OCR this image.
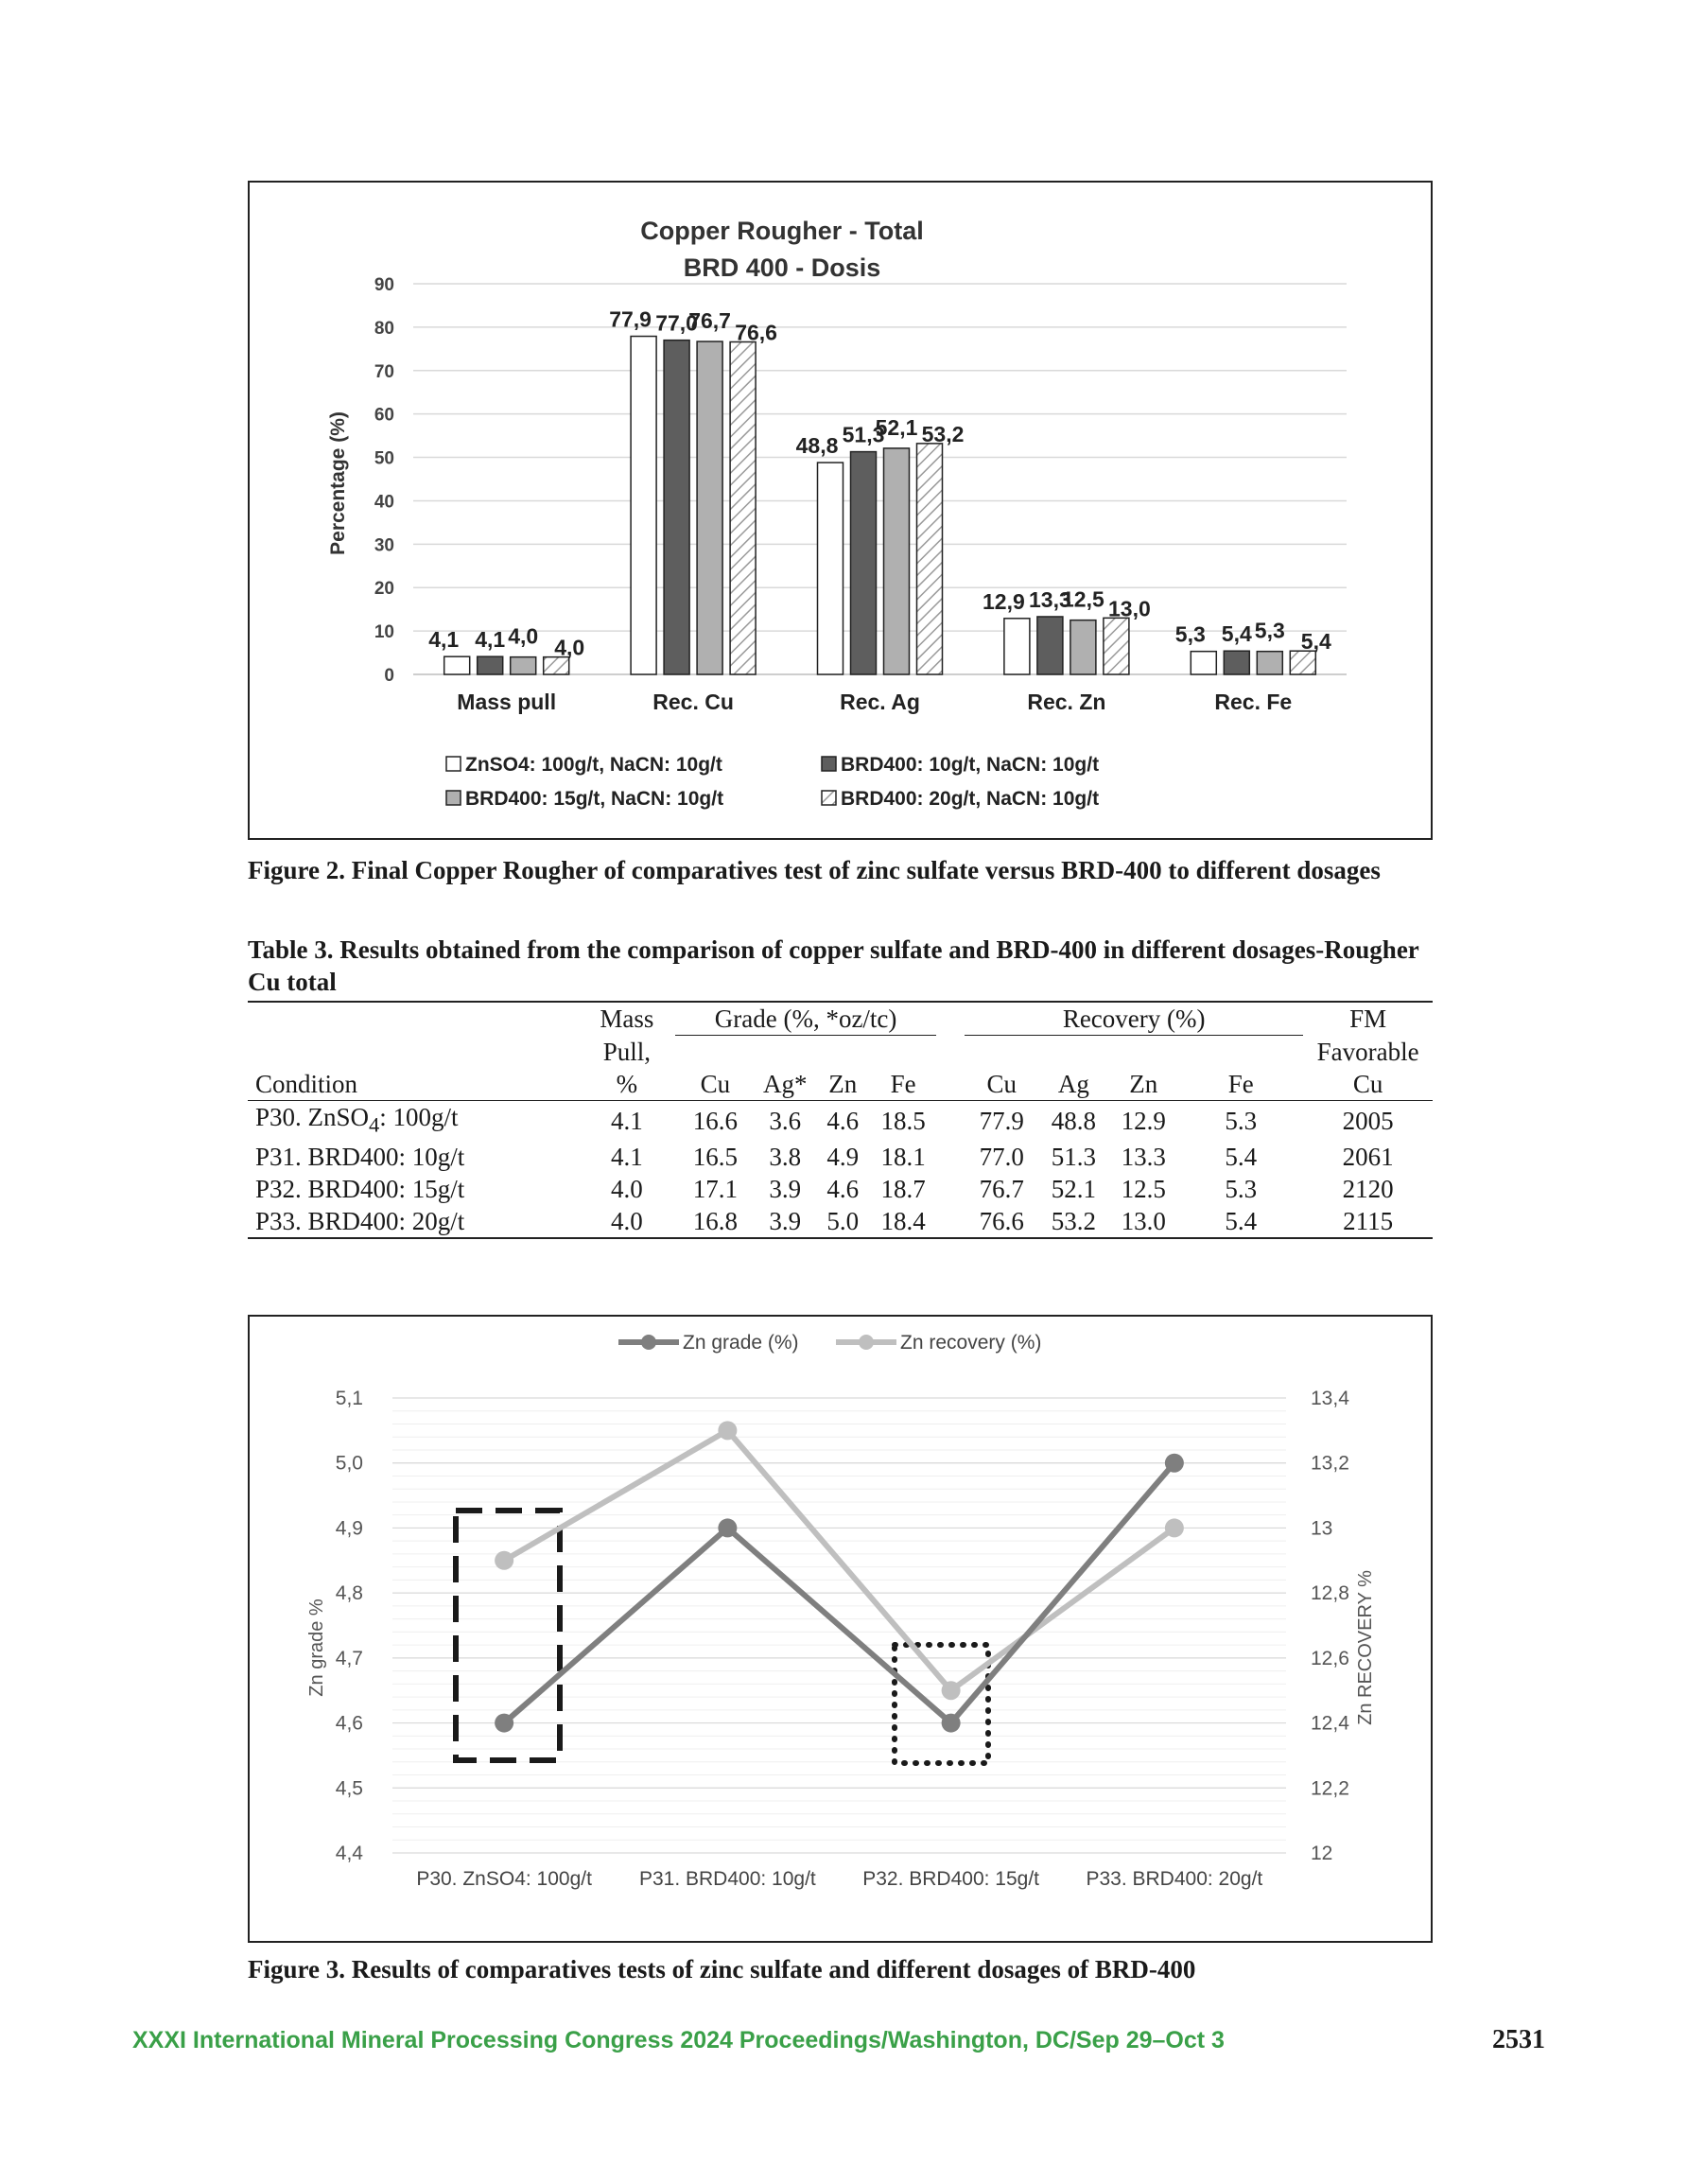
Copper Rougher - Total
BRD 400 - Dosis
Percentage (%)
0
10
20
30
40
50
60
70
80
90
Mass pull
4,1 4,1 4,0 4,0
Rec. Cu
77,9 77,0
76,7 76,6
Rec. Ag
48,8 51,3
52,1 53,2
Rec. Zn
12,9 13,3
12,5 13,0
Rec. Fe
5,3 5,4 5,3 5,4
ZnSO4: 100g/t, NaCN: 10g/t	BRD400: 10g/t, NaCN: 10g/t
BRD400: 15g/t, NaCN: 10g/t	BRD400: 20g/t, NaCN: 10g/t
Figure 2. Final Copper Rougher of comparatives test of zinc sulfate versus BRD-400 to different dosages
Table 3. Results obtained from the comparison of copper sulfate and BRD-400 in different dosages-Rougher Cu total
	Mass	Grade (%, *oz/tc)					Recovery (%)				FM
	Pull,										Favorable
Condition	%	Cu	Ag*	Zn	Fe		Cu	Ag	Zn	Fe	Cu
P30. ZnSO$_4$: 100g/t	4.1	16.6	3.6	4.6	18.5		77.9	48.8	12.9	5.3	2005
P31. BRD400: 10g/t	4.1	16.5	3.8	4.9	18.1		77.0	51.3	13.3	5.4	2061
P32. BRD400: 15g/t	4.0	17.1	3.9	4.6	18.7		76.7	52.1	12.5	5.3	2120
P33. BRD400: 20g/t	4.0	16.8	3.9	5.0	18.4		76.6	53.2	13.0	5.4	2115
Zn grade %	Zn RECOVERY %
4,4
4,5
4,6
4,7
4,8
4,9
5,0
5,1
12
12,2
12,4
12,6
12,8
13
13,2
13,4
P30. ZnSO4: 100g/t P31. BRD400: 10g/t P32. BRD400: 15g/t P33. BRD400: 20g/t
Zn grade (%)	Zn recovery (%)
Figure 3. Results of comparatives tests of zinc sulfate and different dosages of BRD-400
XXXI International Mineral Processing Congress 2024 Proceedings/Washington, DC/Sep 29–Oct 3	2531
